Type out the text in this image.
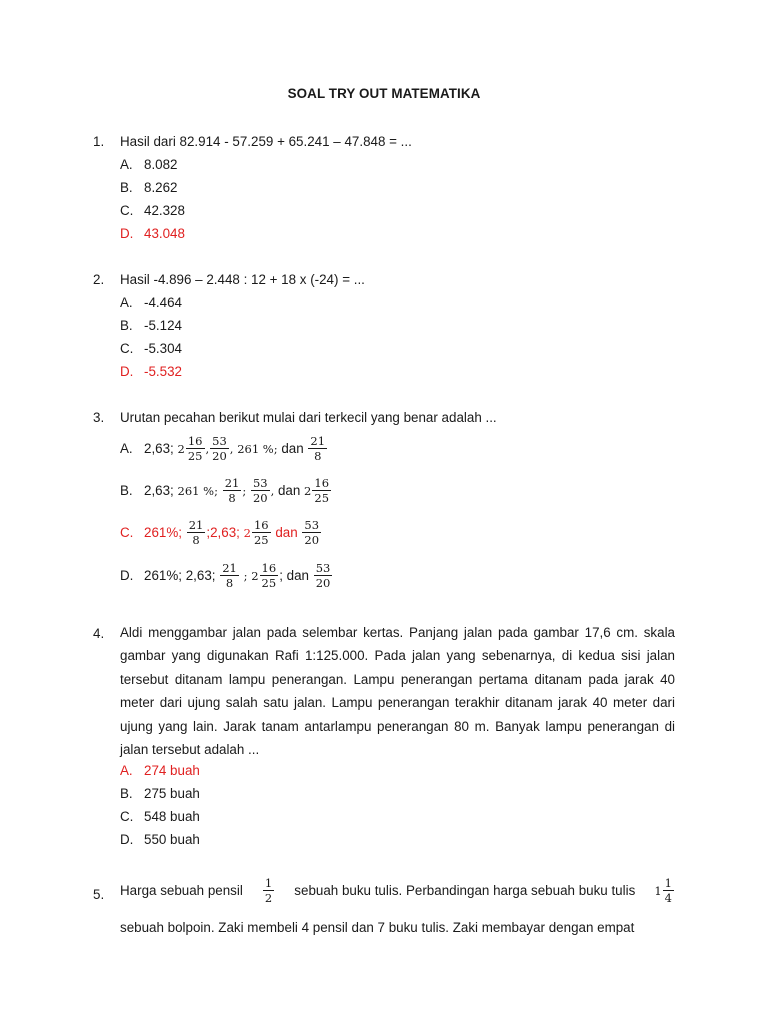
SOAL TRY OUT MATEMATIKA
1. Hasil dari 82.914 - 57.259 + 65.241 – 47.848 = ...
A. 8.082
B. 8.262
C. 42.328
D. 43.048
2. Hasil -4.896 – 2.448 : 12 + 18 x (-24) = ...
A. -4.464
B. -5.124
C. -5.304
D. -5.532
3. Urutan pecahan berikut mulai dari terkecil yang benar adalah ...
A. 2,63;
$2 \frac{16}{25}$ , $\frac{53}{20}$ ,
261 % ;
dan
$\frac{21}{8}$
B. 2,63;
261 % ;
$\frac{21}{8}$ ;
$\frac{53}{20}$ ,
dan
$2 \frac{16}{25}$
C. 261%;
$\frac{21}{8}$ ; 2,63;
$2 \frac{16}{25}$
dan
$\frac{53}{20}$
D. 261%;
2,63;
$\frac{21}{8}$
;
$2 \frac{16}{25}$ ;
dan
$\frac{53}{20}$
4. Aldi menggambar jalan pada selembar kertas. Panjang jalan pada gambar 17,6 cm. skala gambar yang digunakan Rafi 1:125.000. Pada jalan yang sebenarnya, di kedua sisi jalan tersebut ditanam lampu penerangan. Lampu penerangan pertama ditanam pada jarak 40 meter dari ujung salah satu jalan. Lampu penerangan terakhir ditanam jarak 40 meter dari ujung yang lain. Jarak tanam antarlampu penerangan 80 m. Banyak lampu penerangan di jalan tersebut adalah ...
A. 274 buah
B. 275 buah
C. 548 buah
D. 550 buah
5. Harga sebuah pensil $\frac{1}{2}$ sebuah buku tulis. Perbandingan harga sebuah buku tulis $1 \frac{1}{4}$
sebuah bolpoin. Zaki membeli 4 pensil dan 7 buku tulis. Zaki membayar dengan empat
